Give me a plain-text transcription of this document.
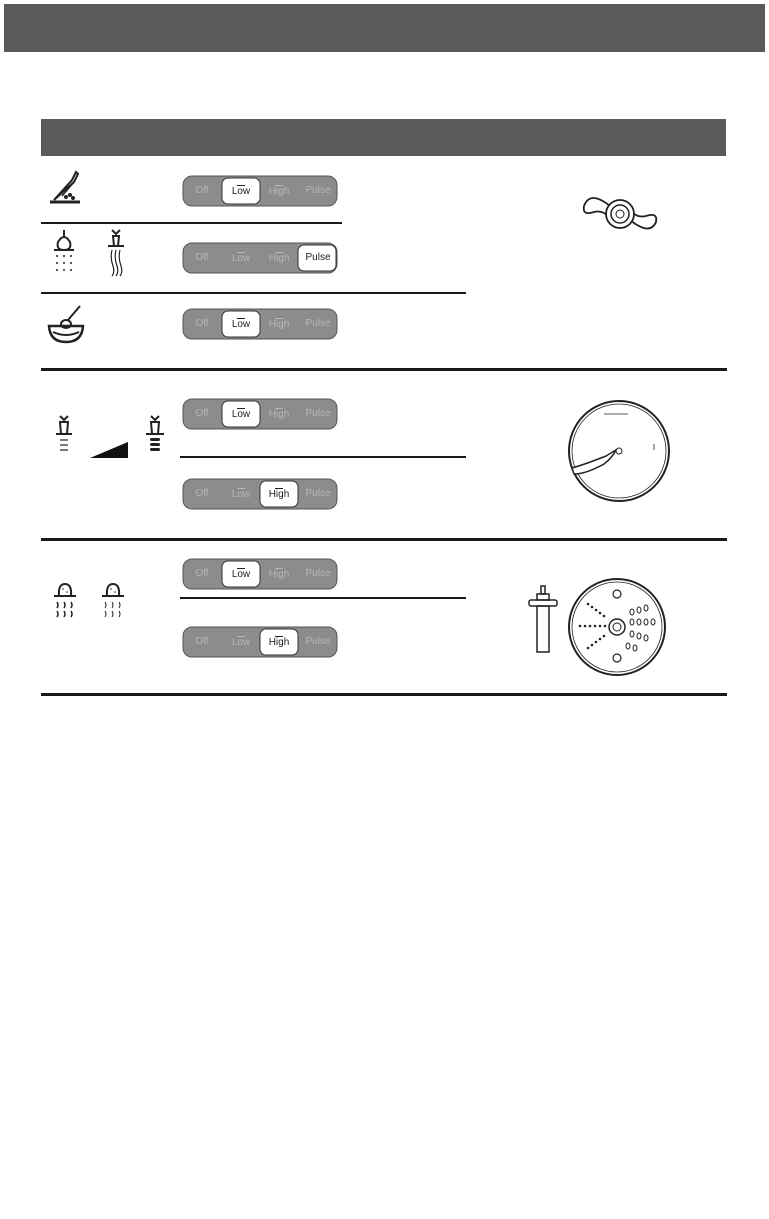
Off	Low High	Pulse
Off	Low High	Pulse
Off	Low High	Pulse
Off	Low High	Pulse
Off	Low High	Pulse
Off	Low High	Pulse
Off	Low High	Pulse
